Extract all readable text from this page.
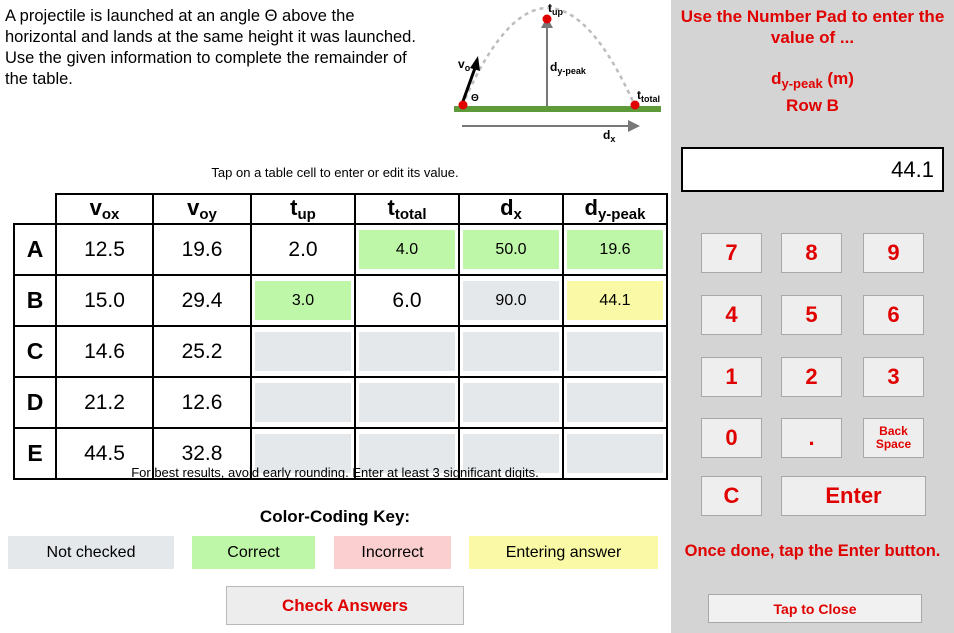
A projectile is launched at an angle Θ above the horizontal and lands at the same height it was launched. Use the given information to complete the remainder of the table.
$v_o$
Θ
$t_{up}$
$d_{y-peak}$
$t_{total}$
$d_x$
Tap on a table cell to enter or edit its value.
	$v_{ox}$	$v_{oy}$	$t_{up}$	$t_{total}$	$d_x$	$d_{y-peak}$
A	12.5	19.6	2.0	4.0	50.0	19.6

B	15.0	29.4	3.0	6.0	90.0	44.1

C	14.6	25.2	

D	21.2	12.6	

E	44.5	32.8	

For best results, avoid early rounding. Enter at least 3 significant digits.
Color-Coding Key:
Not checked	Correct	Incorrect	Entering answer
Check Answers
Use the Number Pad to enter the value of ...
$d_{y-peak}$ (m)
Row B
44.1
7	8	9
4	5	6
1	2	3
0	.	Back
Space
C	Enter
Once done, tap the Enter button.
Tap to Close
